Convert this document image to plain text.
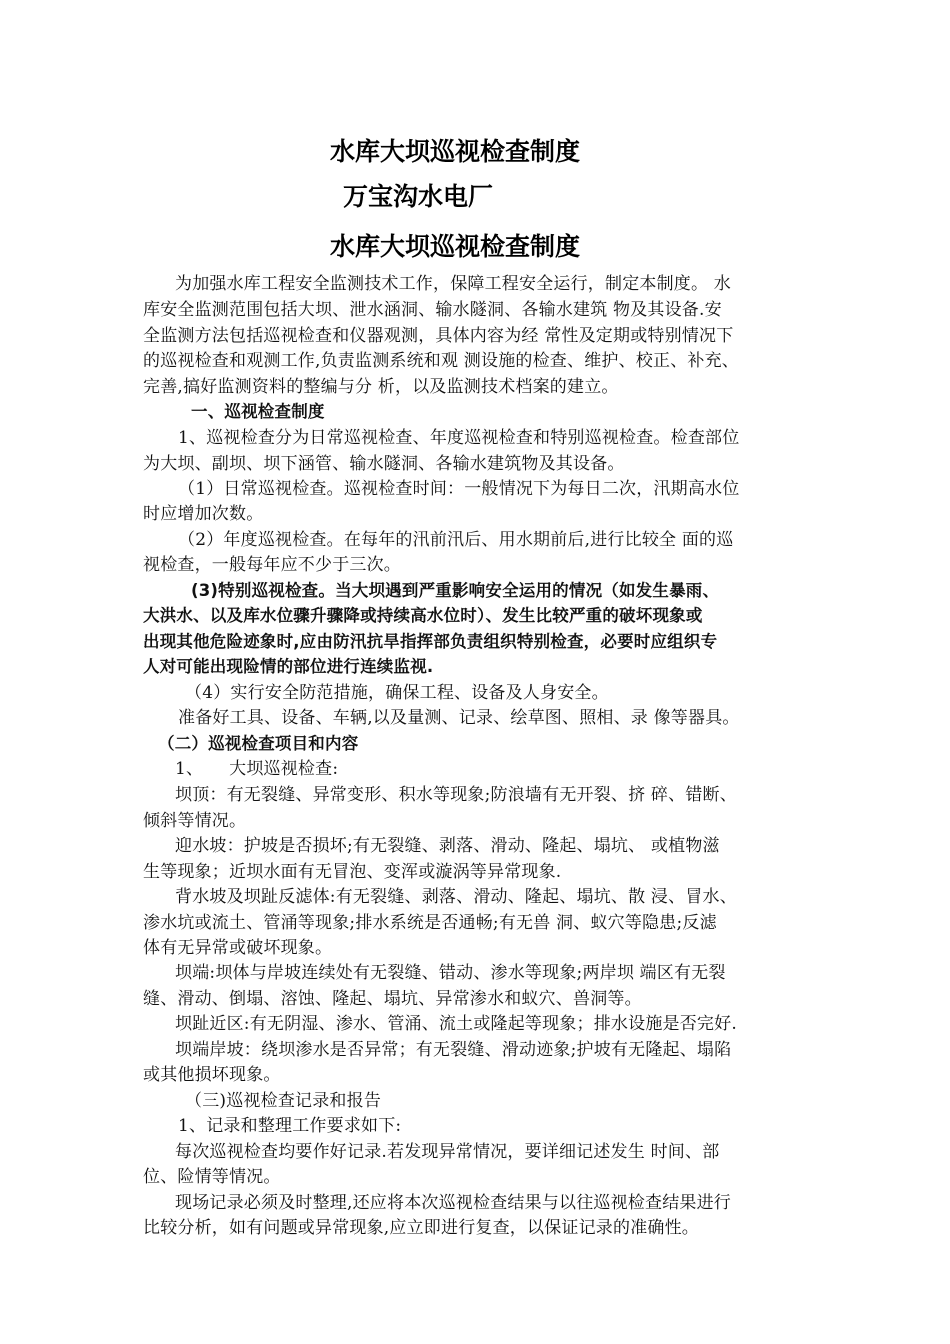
水库大坝巡视检查制度
万宝沟水电厂
水库大坝巡视检查制度
为加强水库工程安全监测技术工作，保障工程安全运行，制定本制度。 水
库安全监测范围包括大坝、泄水涵洞、输水隧洞、各输水建筑 物及其设备.安
全监测方法包括巡视检查和仪器观测，具体内容为经 常性及定期或特别情况下
的巡视检查和观测工作,负责监测系统和观 测设施的检查、维护、校正、补充、
完善,搞好监测资料的整编与分 析，以及监测技术档案的建立。
一、巡视检查制度
1、巡视检查分为日常巡视检查、年度巡视检查和特别巡视检查。检查部位
为大坝、副坝、坝下涵管、输水隧洞、各输水建筑物及其设备。
（1）日常巡视检查。巡视检查时间：一般情况下为每日二次，汛期高水位
时应增加次数。
（2）年度巡视检查。在每年的汛前汛后、用水期前后,进行比较全 面的巡
视检查，一般每年应不少于三次。
(3)特别巡视检查。当大坝遇到严重影响安全运用的情况（如发生暴雨、
大洪水、以及库水位骤升骤降或持续高水位时）、发生比较严重的破坏现象或
出现其他危险迹象时,应由防汛抗旱指挥部负责组织特别检查，必要时应组织专
人对可能出现险情的部位进行连续监视.
（4）实行安全防范措施，确保工程、设备及人身安全。
准备好工具、设备、车辆,以及量测、记录、绘草图、照相、录 像等器具。
（二）巡视检查项目和内容
1、　　大坝巡视检查:
坝顶：有无裂缝、异常变形、积水等现象;防浪墙有无开裂、挤 碎、错断、
倾斜等情况。
迎水坡：护坡是否损坏;有无裂缝、剥落、滑动、隆起、塌坑、 或植物滋
生等现象；近坝水面有无冒泡、变浑或漩涡等异常现象.
背水坡及坝趾反滤体:有无裂缝、剥落、滑动、隆起、塌坑、散 浸、冒水、
渗水坑或流土、管涌等现象;排水系统是否通畅;有无兽 洞、蚁穴等隐患;反滤
体有无异常或破坏现象。
坝端:坝体与岸坡连续处有无裂缝、错动、渗水等现象;两岸坝 端区有无裂
缝、滑动、倒塌、溶蚀、隆起、塌坑、异常渗水和蚁穴、兽洞等。
坝趾近区:有无阴湿、渗水、管涌、流土或隆起等现象；排水设施是否完好.
坝端岸坡：绕坝渗水是否异常；有无裂缝、滑动迹象;护坡有无隆起、塌陷
或其他损坏现象。
（三)巡视检查记录和报告
1、记录和整理工作要求如下:
每次巡视检查均要作好记录.若发现异常情况，要详细记述发生 时间、部
位、险情等情况。
现场记录必须及时整理,还应将本次巡视检查结果与以往巡视检查结果进行
比较分析，如有问题或异常现象,应立即进行复查，以保证记录的准确性。
